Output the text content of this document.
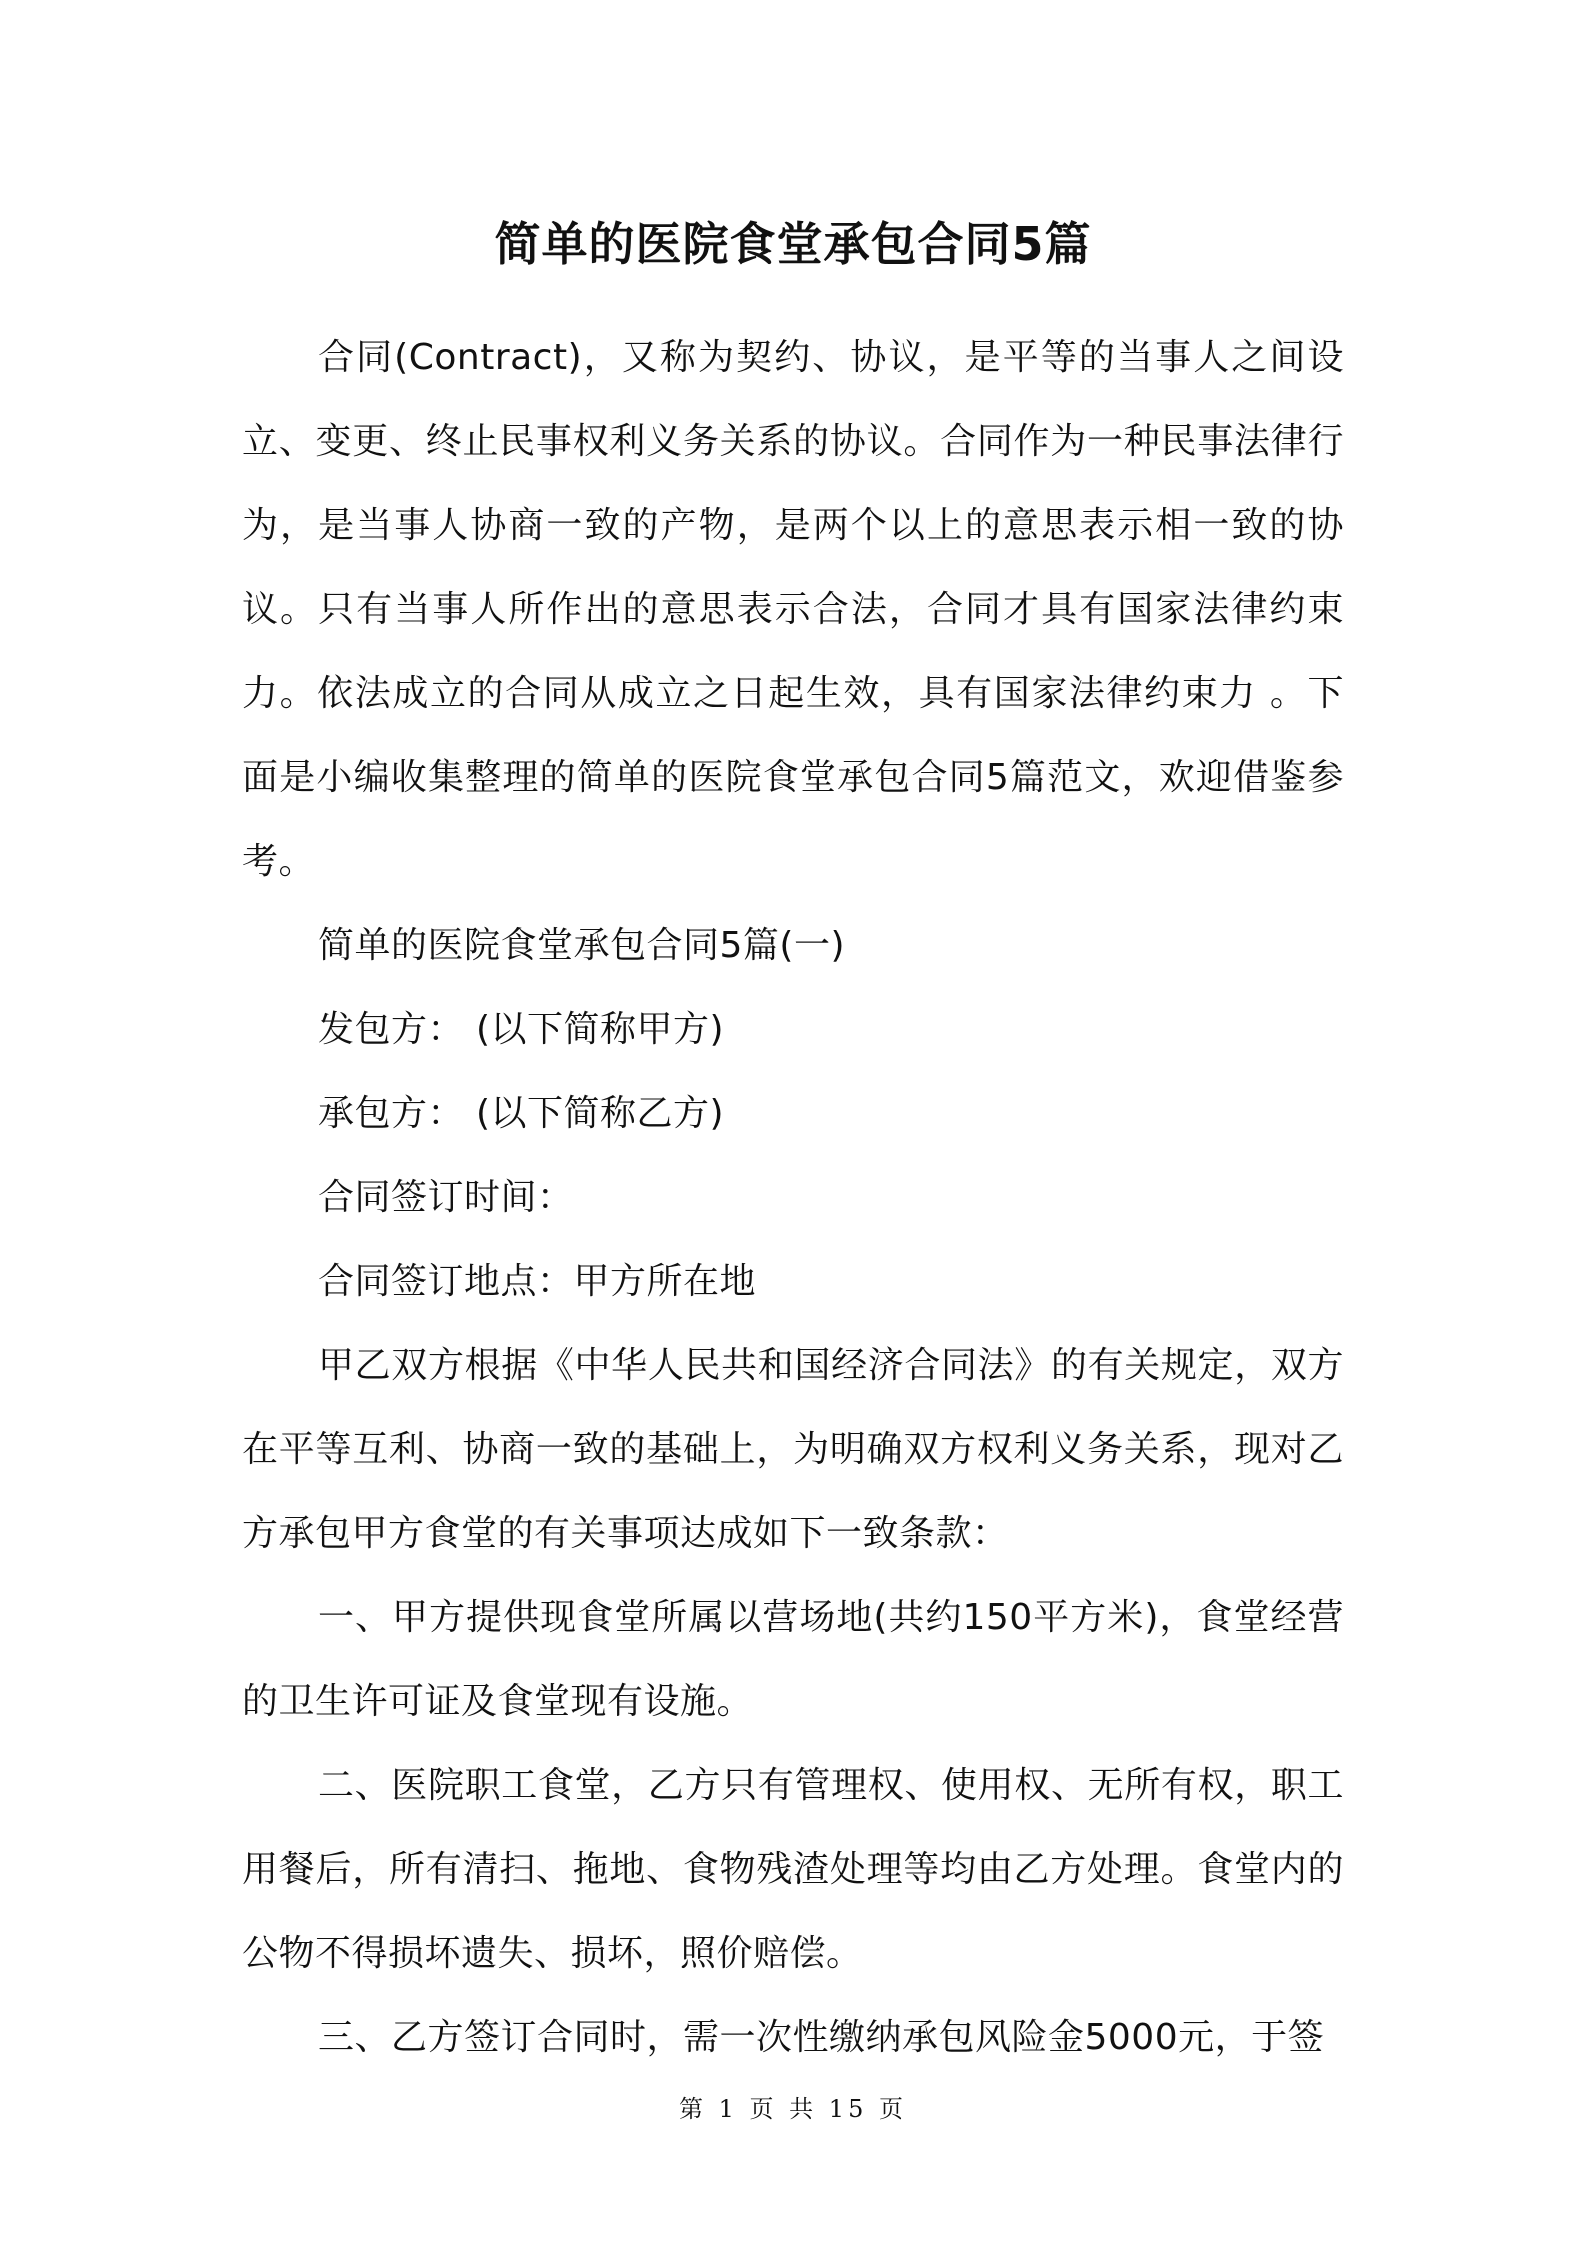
简单的医院食堂承包合同5篇

合同(Contract)，又称为契约、协议，是平等的当事人之间设立、变更、终止民事权利义务关系的协议。合同作为一种民事法律行为，是当事人协商一致的产物，是两个以上的意思表示相一致的协议。只有当事人所作出的意思表示合法，合同才具有国家法律约束力。依法成立的合同从成立之日起生效，具有国家法律约束力 。下面是小编收集整理的简单的医院食堂承包合同5篇范文，欢迎借鉴参考。

简单的医院食堂承包合同5篇(一)

发包方： (以下简称甲方)

承包方： (以下简称乙方)

合同签订时间：

合同签订地点：甲方所在地

甲乙双方根据《中华人民共和国经济合同法》的有关规定，双方在平等互利、协商一致的基础上，为明确双方权利义务关系，现对乙方承包甲方食堂的有关事项达成如下一致条款：

一、甲方提供现食堂所属以营场地(共约150平方米)，食堂经营的卫生许可证及食堂现有设施。

二、医院职工食堂，乙方只有管理权、使用权、无所有权，职工用餐后，所有清扫、拖地、食物残渣处理等均由乙方处理。食堂内的公物不得损坏遗失、损坏，照价赔偿。

三、乙方签订合同时，需一次性缴纳承包风险金5000元，于签

第 1 页 共 15 页
